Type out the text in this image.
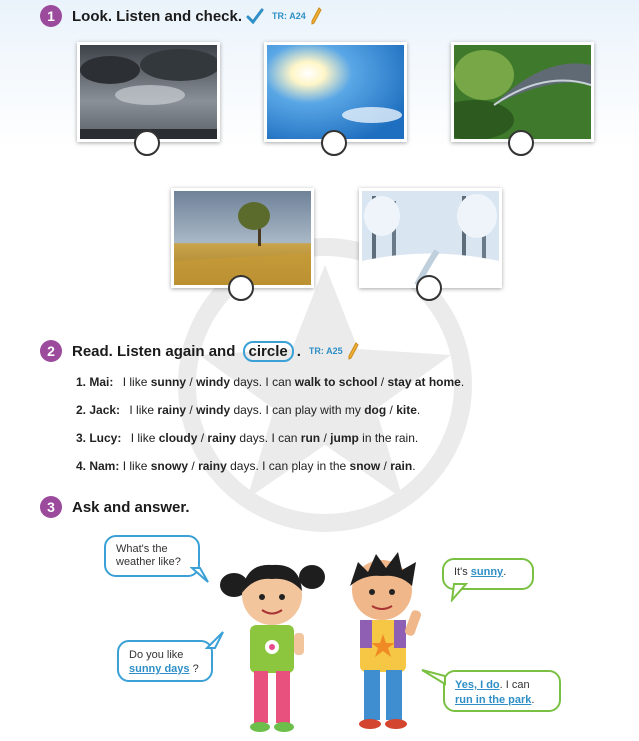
1	Look. Listen and check.	TR: A24
2	Read. Listen again and circle . TR: A25
1. Mai: I like sunny / windy days. I can walk to school / stay at home.
2. Jack: I like rainy / windy days. I can play with my dog / kite.
3. Lucy: I like cloudy / rainy days. I can run / jump in the rain.
4. Nam: I like snowy / rainy days. I can play in the snow / rain.
3	Ask and answer.
What's the weather like?
It's sunny.
Do you like
sunny days ?
Yes, I do. I can
run in the park.
